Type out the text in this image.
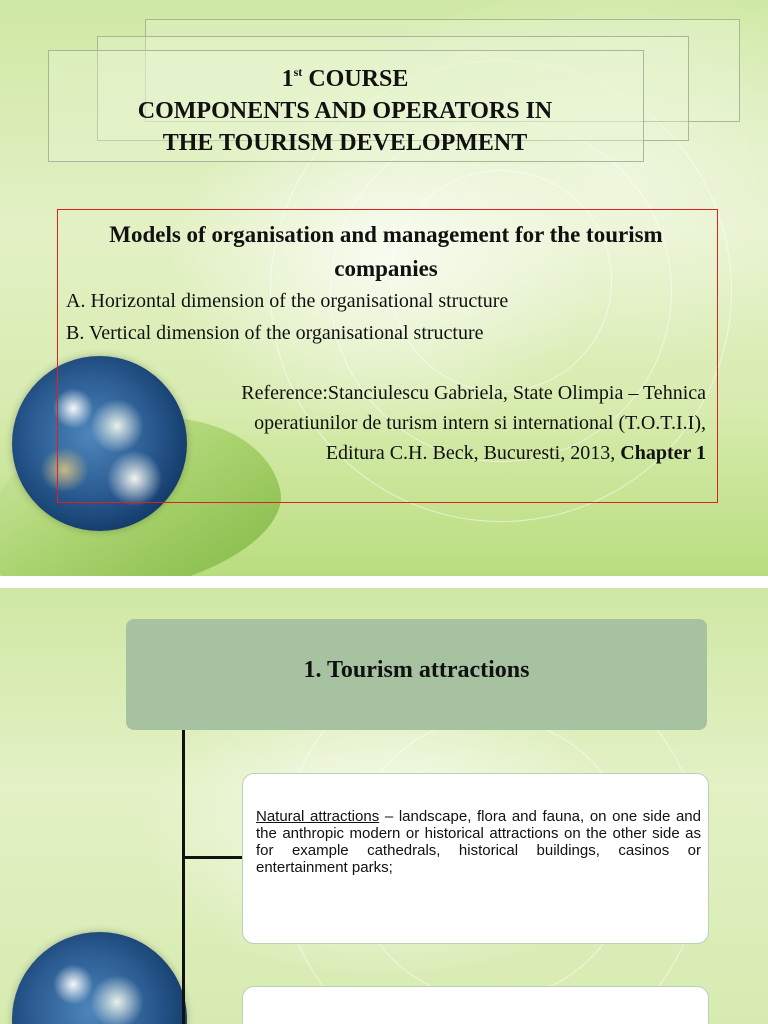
1st COURSE
COMPONENTS AND OPERATORS IN
THE TOURISM DEVELOPMENT
Models of organisation and management for the tourism companies
A. Horizontal dimension of the organisational structure
B. Vertical dimension of the organisational structure
Reference:Stanciulescu Gabriela, State Olimpia – Tehnica
operatiunilor de turism intern si international (T.O.T.I.I),
Editura C.H. Beck, Bucuresti, 2013, Chapter 1
1. Tourism attractions

Natural attractions – landscape, flora and fauna, on one side and the anthropic modern or historical attractions on the other side as for example cathedrals, historical buildings, casinos or entertainment parks;
